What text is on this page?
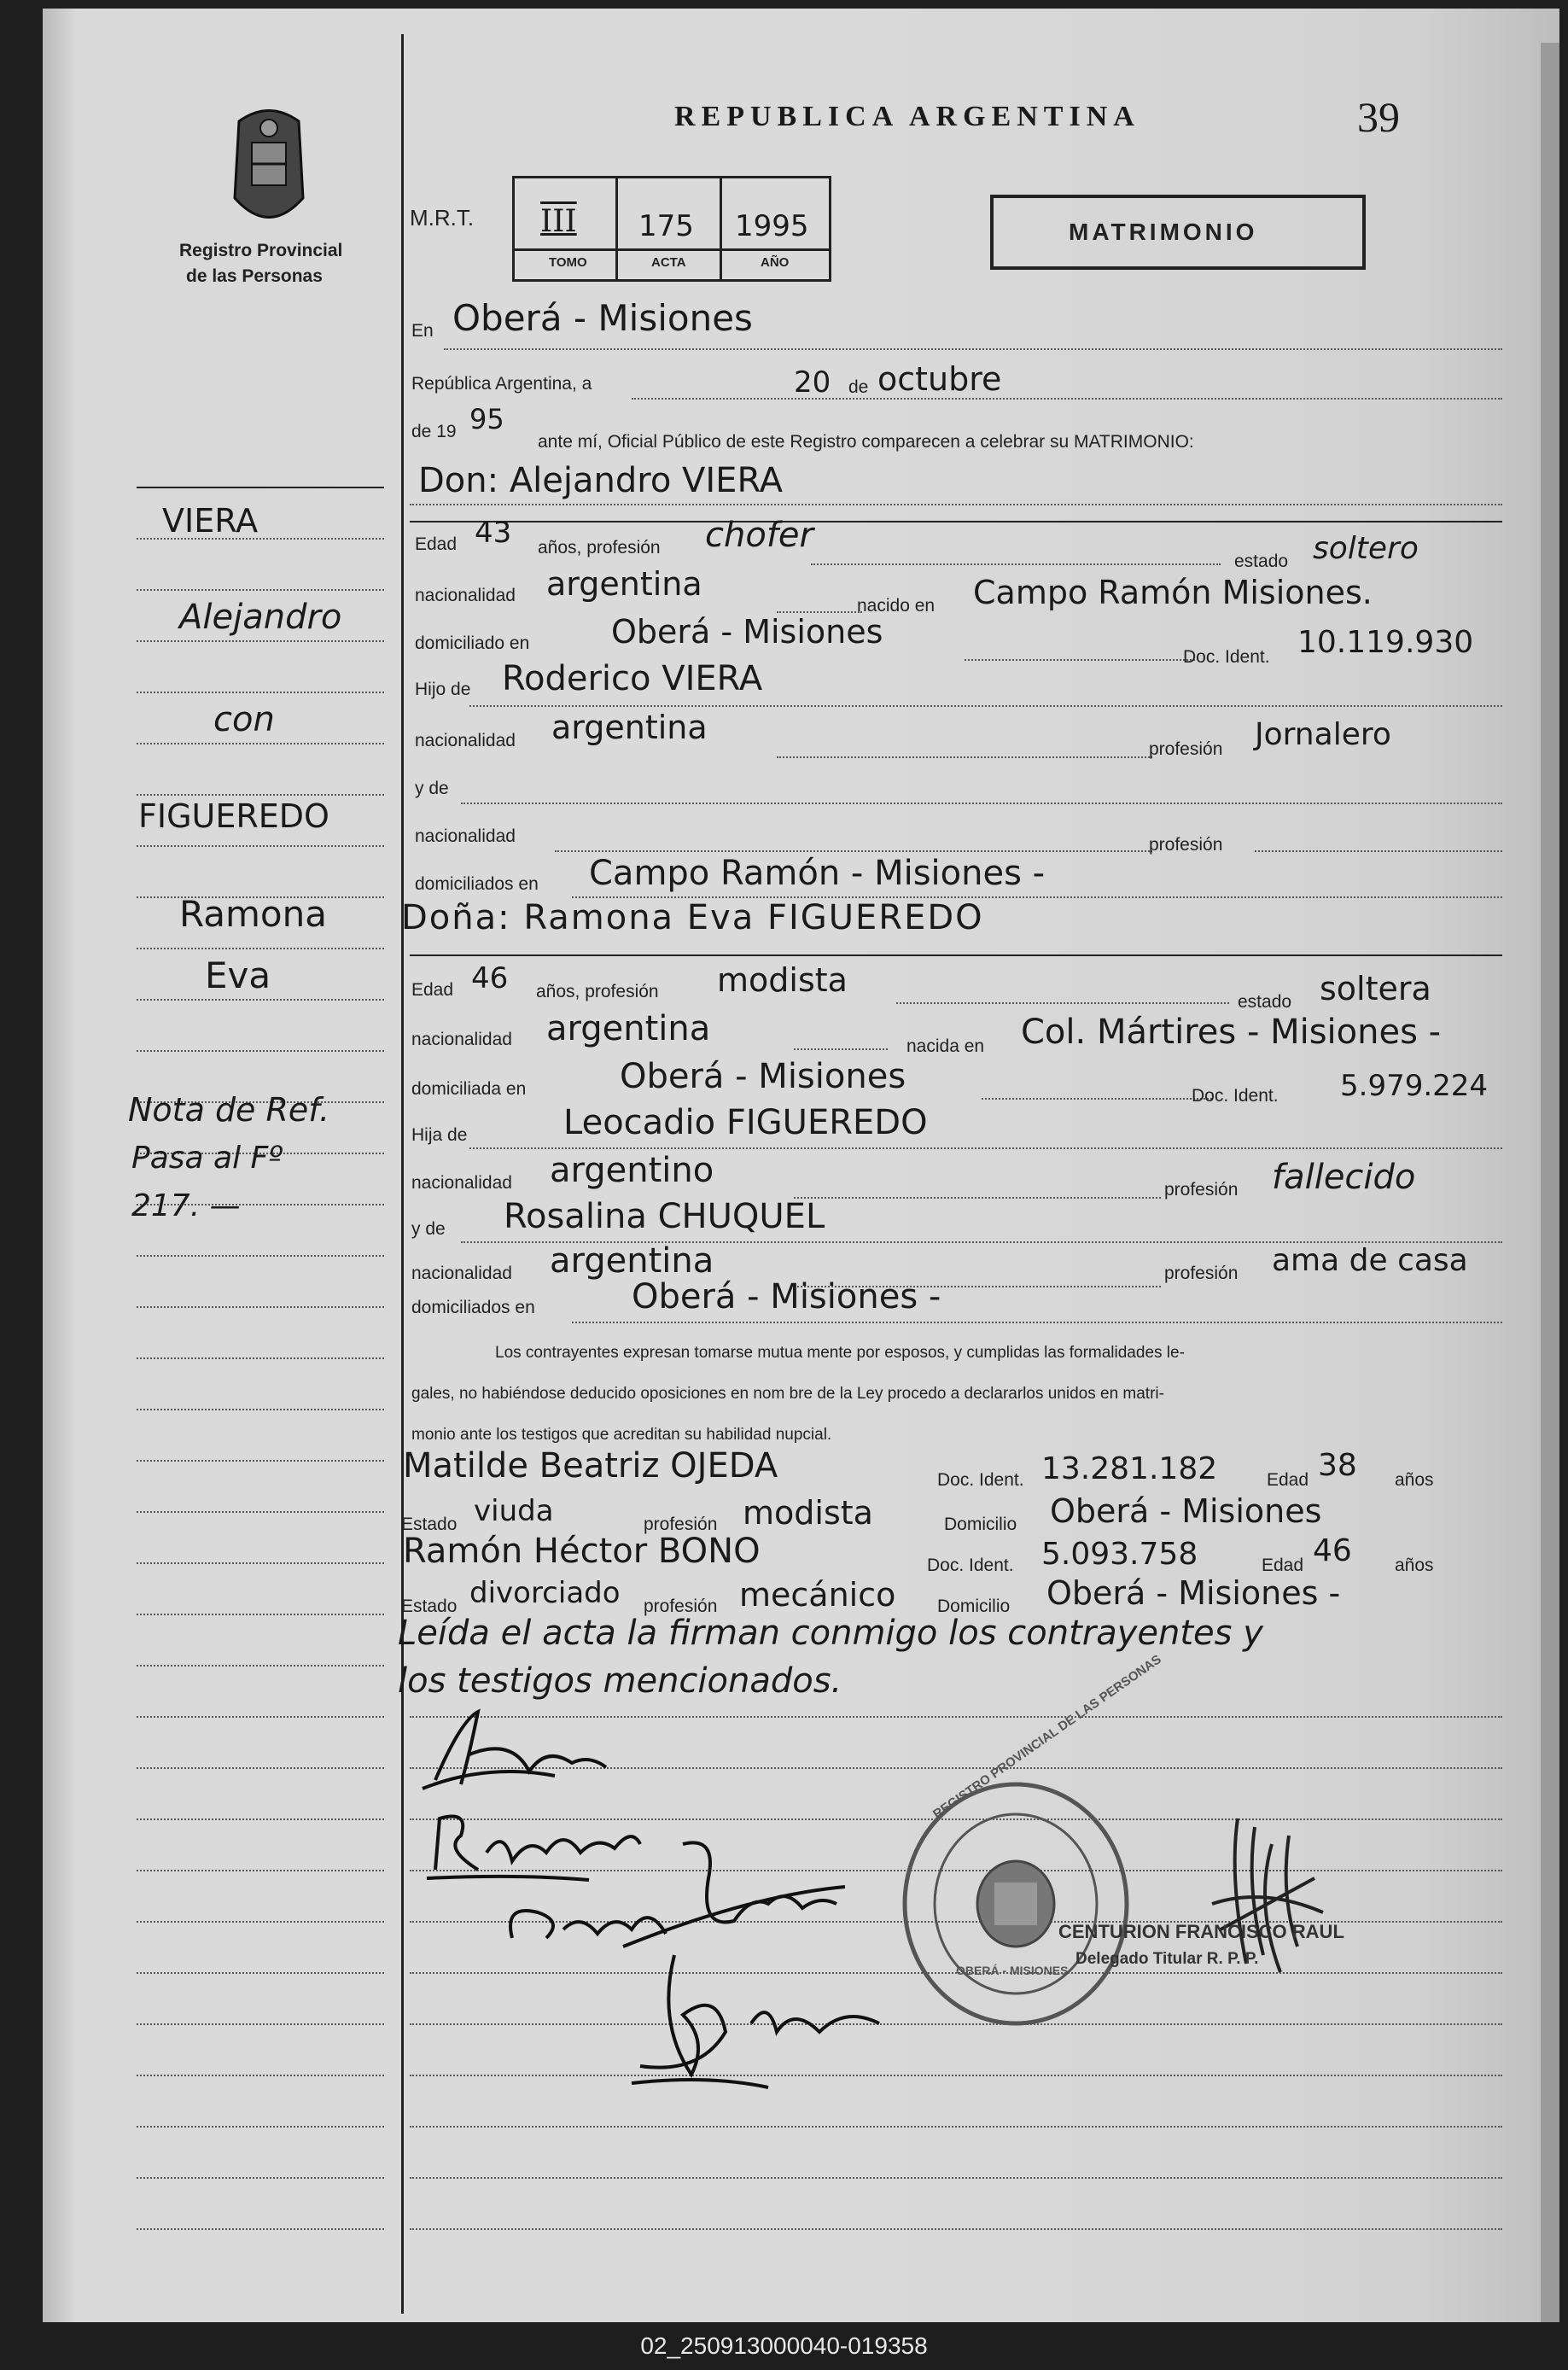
Registro Provincial
de las Personas
REPUBLICA ARGENTINA	39
M.R.T. III 175 1995
TOMO	ACTA	AÑO
MATRIMONIO
VIERA
Alejandro
con
FIGUEREDO
Ramona
Eva
Nota de Ref.
Pasa al Fº
217. —
En Oberá - Misiones
República Argentina, a	20 de octubre
de 19 95
ante mí, Oficial Público de este Registro comparecen a celebrar su MATRIMONIO:
Don: Alejandro VIERA
Edad 43 años, profesión chofer
estado soltero
nacionalidad argentina
nacido en Campo Ramón Misiones.
domiciliado en	Oberá - Misiones
Doc. Ident. 10.119.930
Hijo de Roderico VIERA
nacionalidad argentina
profesión Jornalero
y de
nacionalidad	profesión
domiciliados en Campo Ramón - Misiones -
Doña: Ramona Eva FIGUEREDO
Edad 46 años, profesión modista
estado soltera
nacionalidad argentina	nacida en Col. Mártires - Misiones -
domiciliada en	Oberá - Misiones	Doc. Ident. 5.979.224
Hija de	Leocadio FIGUEREDO
nacionalidad argentino	profesión fallecido
y de Rosalina CHUQUEL
nacionalidad argentina	profesión ama de casa
domiciliados en	Oberá - Misiones -
Los contrayentes expresan tomarse mutua mente por esposos, y cumplidas las formalidades le-
gales, no habiéndose deducido oposiciones en nom bre de la Ley procedo a declararlos unidos en matri-
monio ante los testigos que acreditan su habilidad nupcial.
Matilde Beatriz OJEDA	Doc. Ident. 13.281.182	Edad 38 años
Estado viuda	profesión modista	Domicilio Oberá - Misiones
Ramón Héctor BONO	Doc. Ident. 5.093.758	Edad 46 años
Estado divorciado profesión mecánico Domicilio Oberá - Misiones -
Leída el acta la firman conmigo los contrayentes y
los testigos mencionados.	REGISTRO PROVINCIAL DE LAS PERSONAS
OBERÁ - MISIONES
CENTURION FRANCISCO RAUL
Delegado Titular R. P. P.
02_250913000040-019358
